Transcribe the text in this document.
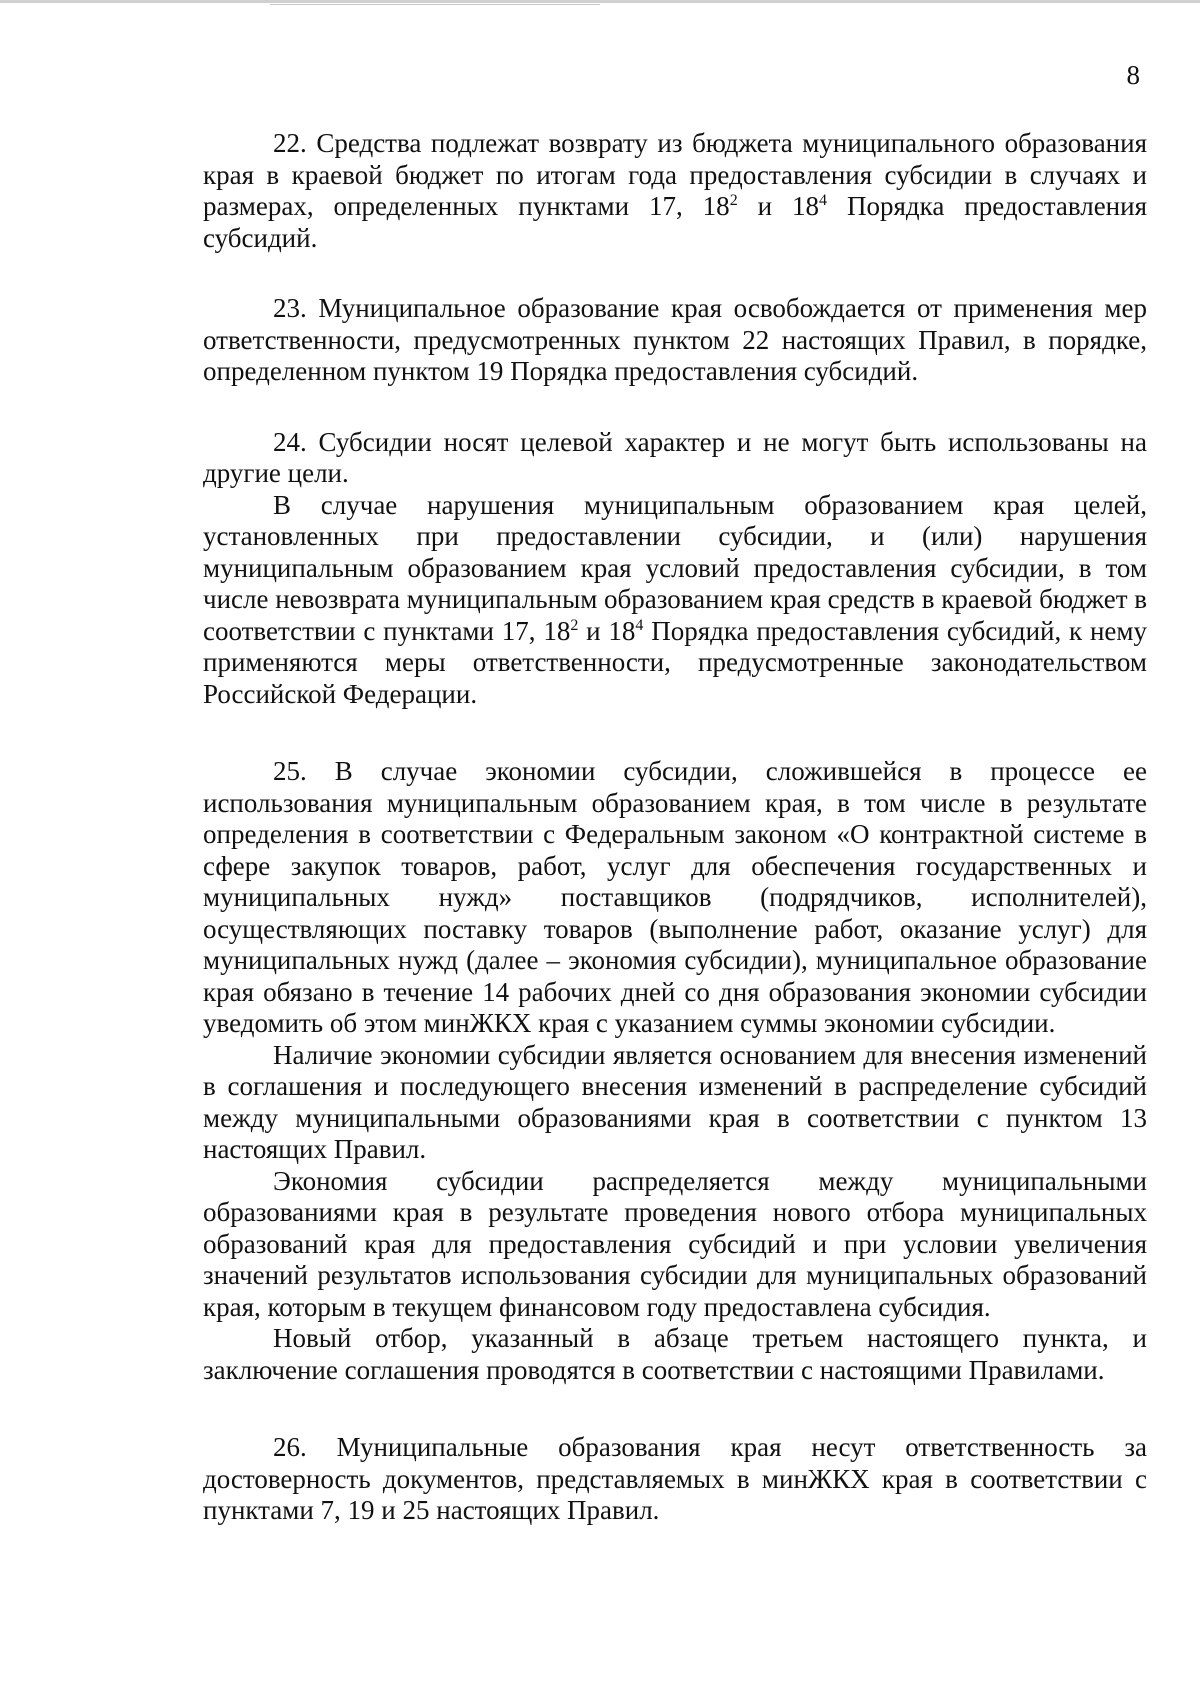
8

22. Средства подлежат возврату из бюджета муниципального образования края в краевой бюджет по итогам года предоставления субсидии в случаях и размерах, определенных пунктами 17, $18^2$ и $18^4$ Порядка предоставления субсидий.

23. Муниципальное образование края освобождается от применения мер ответственности, предусмотренных пунктом 22 настоящих Правил, в порядке, определенном пунктом 19 Порядка предоставления субсидий.

24. Субсидии носят целевой характер и не могут быть использованы на другие цели.

В случае нарушения муниципальным образованием края целей, установленных при предоставлении субсидии, и (или) нарушения муниципальным образованием края условий предоставления субсидии, в том числе невозврата муниципальным образованием края средств в краевой бюджет в соответствии с пунктами 17, $18^2$ и $18^4$ Порядка предоставления субсидий, к нему применяются меры ответственности, предусмотренные законодательством Российской Федерации.

25. В случае экономии субсидии, сложившейся в процессе ее использования муниципальным образованием края, в том числе в результате определения в соответствии с Федеральным законом «О контрактной системе в сфере закупок товаров, работ, услуг для обеспечения государственных и муниципальных нужд» поставщиков (подрядчиков, исполнителей), осуществляющих поставку товаров (выполнение работ, оказание услуг) для муниципальных нужд (далее – экономия субсидии), муниципальное образование края обязано в течение 14 рабочих дней со дня образования экономии субсидии уведомить об этом минЖКХ края с указанием суммы экономии субсидии.

Наличие экономии субсидии является основанием для внесения изменений в соглашения и последующего внесения изменений в распределение субсидий между муниципальными образованиями края в соответствии с пунктом 13 настоящих Правил.

Экономия субсидии распределяется между муниципальными образованиями края в результате проведения нового отбора муниципальных образований края для предоставления субсидий и при условии увеличения значений результатов использования субсидии для муниципальных образований края, которым в текущем финансовом году предоставлена субсидия.

Новый отбор, указанный в абзаце третьем настоящего пункта, и заключение соглашения проводятся в соответствии с настоящими Правилами.

26. Муниципальные образования края несут ответственность за достоверность документов, представляемых в минЖКХ края в соответствии с пунктами 7, 19 и 25 настоящих Правил.
